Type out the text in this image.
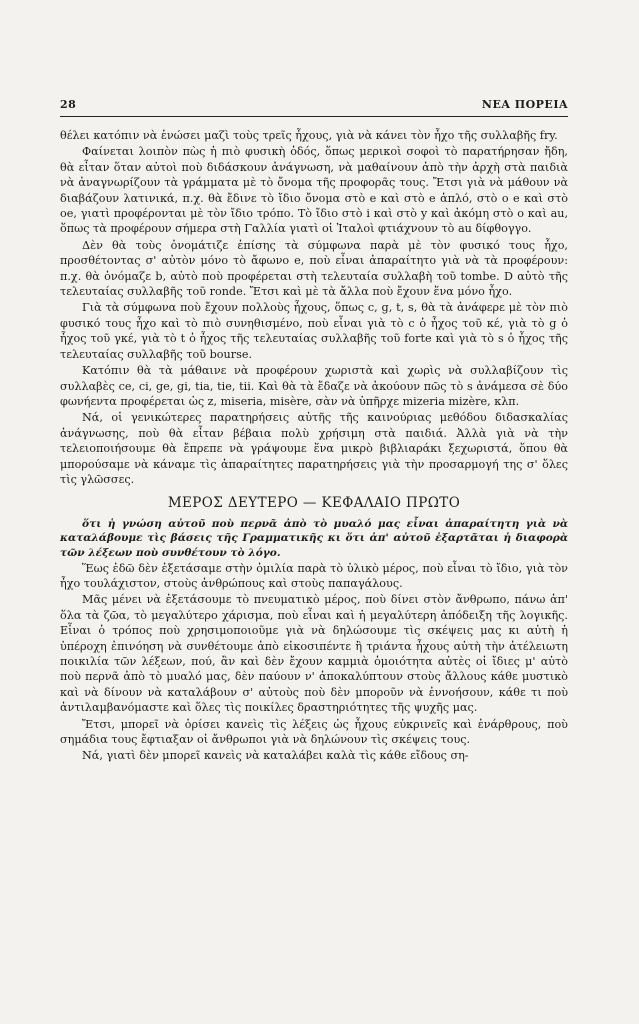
28	ΝΕΑ ΠΟΡΕΙΑ

θέλει κατόπιν νὰ ἑνώσει μαζὶ τοὺς τρεῖς ἦχους, γιὰ νὰ κάνει τὸν ἦχο τῆς συλλαβῆς fry.

Φαίνεται λοιπὸν πὼς ἡ πιὸ φυσικὴ ὁδός, ὅπως μερικοὶ σοφοὶ τὸ παρατήρησαν ἤδη, θὰ εἶταν ὅταν αὐτοὶ ποὺ διδάσκουν ἀνάγνωση, νὰ μαθαίνουν ἀπὸ τὴν ἀρχὴ στὰ παιδιὰ νὰ ἀναγνωρίζουν τὰ γράμματα μὲ τὸ ὄνομα τῆς προφορᾶς τους. Ἔτσι γιὰ νὰ μάθουν νὰ διαβάζουν λατινικά, π.χ. θὰ ἔδινε τὸ ἴδιο ὄνομα στὸ e καὶ στὸ e ἁπλό, στὸ o e καὶ στὸ oe, γιατὶ προφέρονται μὲ τὸν ἴδιο τρόπο. Τὸ ἴδιο στὸ i καὶ στὸ y καὶ ἀκόμη στὸ o καὶ au, ὅπως τὰ προφέρουν σήμερα στὴ Γαλλία γιατὶ οἱ Ἰταλοὶ φτιάχνουν τὸ au δίφθογγο.

Δὲν θὰ τοὺς ὀνομάτιζε ἐπίσης τὰ σύμφωνα παρὰ μὲ τὸν φυσικό τους ἦχο, προσθέτοντας σ' αὐτὸν μόνο τὸ ἄφωνο e, ποὺ εἶναι ἀπαραίτητο γιὰ νὰ τὰ προφέρουν: π.χ. θὰ ὀνόμαζε b, αὐτὸ ποὺ προφέρεται στὴ τελευταία συλλαβὴ τοῦ tombe. D αὐτὸ τῆς τελευταίας συλλαβῆς τοῦ ronde. Ἔτσι καὶ μὲ τὰ ἄλλα ποὺ ἔχουν ἕνα μόνο ἦχο.

Γιὰ τὰ σύμφωνα ποὺ ἔχουν πολλοὺς ἦχους, ὅπως c, g, t, s, θὰ τὰ ἀνάφερε μὲ τὸν πιὸ φυσικό τους ἦχο καὶ τὸ πιὸ συνηθισμένο, ποὺ εἶναι γιὰ τὸ c ὁ ἦχος τοῦ κέ, γιὰ τὸ g ὁ ἦχος τοῦ γκέ, γιὰ τὸ t ὁ ἦχος τῆς τελευταίας συλλαβῆς τοῦ forte καὶ γιὰ τὸ s ὁ ἦχος τῆς τελευταίας συλλαβῆς τοῦ bourse.

Κατόπιν θὰ τὰ μάθαινε νὰ προφέρουν χωριστὰ καὶ χωρὶς νὰ συλλαβίζουν τὶς συλλαβὲς ce, ci, ge, gi, tia, tie, tii. Καὶ θὰ τὰ ἔδαζε νὰ ἀκούουν πῶς τὸ s ἀνάμεσα σὲ δύο φωνήεντα προφέρεται ὡς z, miseria, misère, σὰν νὰ ὑπῆρχε mizeria mizère, κλπ.

Νά, οἱ γενικώτερες παρατηρήσεις αὐτῆς τῆς καινούριας μεθόδου διδασκαλίας ἀνάγνωσης, ποὺ θὰ εἶταν βέβαια πολὺ χρήσιμη στὰ παιδιά. Ἀλλὰ γιὰ νὰ τὴν τελειοποιήσουμε θὰ ἔπρεπε νὰ γράψουμε ἕνα μικρὸ βιβλιαράκι ξεχωριστά, ὅπου θὰ μπορούσαμε νὰ κάναμε τὶς ἀπαραίτητες παρατηρήσεις γιὰ τὴν προσαρμογή της σ' ὅλες τὶς γλῶσσες.

ΜΕΡΟΣ ΔΕΥΤΕΡΟ — ΚΕΦΑΛΑΙΟ ΠΡΩΤΟ

ὅτι ἡ γνώση αὐτοῦ ποὺ περνᾶ ἀπὸ τὸ μυαλό μας εἶναι ἀπαραίτητη γιὰ νὰ καταλάβουμε τὶς βάσεις τῆς Γραμματικῆς κι ὅτι ἀπ' αὐτοῦ ἐξαρτᾶται ἡ διαφορὰ τῶν λέξεων ποὺ συνθέτουν τὸ λόγο.

Ἕως ἐδῶ δὲν ἐξετάσαμε στὴν ὁμιλία παρὰ τὸ ὑλικὸ μέρος, ποὺ εἶναι τὸ ἴδιο, γιὰ τὸν ἦχο τουλάχιστον, στοὺς ἀνθρώπους καὶ στοὺς παπαγάλους.

Μᾶς μένει νὰ ἐξετάσουμε τὸ πνευματικὸ μέρος, ποὺ δίνει στὸν ἄνθρωπο, πάνω ἀπ' ὅλα τὰ ζῶα, τὸ μεγαλύτερο χάρισμα, ποὺ εἶναι καὶ ἡ μεγαλύτερη ἀπόδειξη τῆς λογικῆς. Εἶναι ὁ τρόπος ποὺ χρησιμοποιοῦμε γιὰ νὰ δηλώσουμε τὶς σκέψεις μας κι αὐτὴ ἡ ὑπέροχη ἐπινόηση νὰ συνθέτουμε ἀπὸ εἰκοσιπέντε ἢ τριάντα ἦχους αὐτὴ τὴν ἀτέλειωτη ποικιλία τῶν λέξεων, πού, ἂν καὶ δὲν ἔχουν καμμιὰ ὁμοιότητα αὐτὲς οἱ ἴδιες μ' αὐτὸ ποὺ περνᾶ ἀπὸ τὸ μυαλό μας, δὲν παύουν ν' ἀποκαλύπτουν στοὺς ἄλλους κάθε μυστικὸ καὶ νὰ δίνουν νὰ καταλάβουν σ' αὐτοὺς ποὺ δὲν μποροῦν νὰ ἐννοήσουν, κάθε τι ποὺ ἀντιλαμβανόμαστε καὶ ὅλες τὶς ποικίλες δραστηριότητες τῆς ψυχῆς μας.

Ἔτσι, μπορεῖ νὰ ὁρίσει κανεὶς τὶς λέξεις ὡς ἦχους εὐκρινεῖς καὶ ἐνάρθρους, ποὺ σημάδια τους ἔφτιαξαν οἱ ἄνθρωποι γιὰ νὰ δηλώνουν τὶς σκέψεις τους.

Νά, γιατὶ δὲν μπορεῖ κανεὶς νὰ καταλάβει καλὰ τὶς κάθε εἴδους ση-
